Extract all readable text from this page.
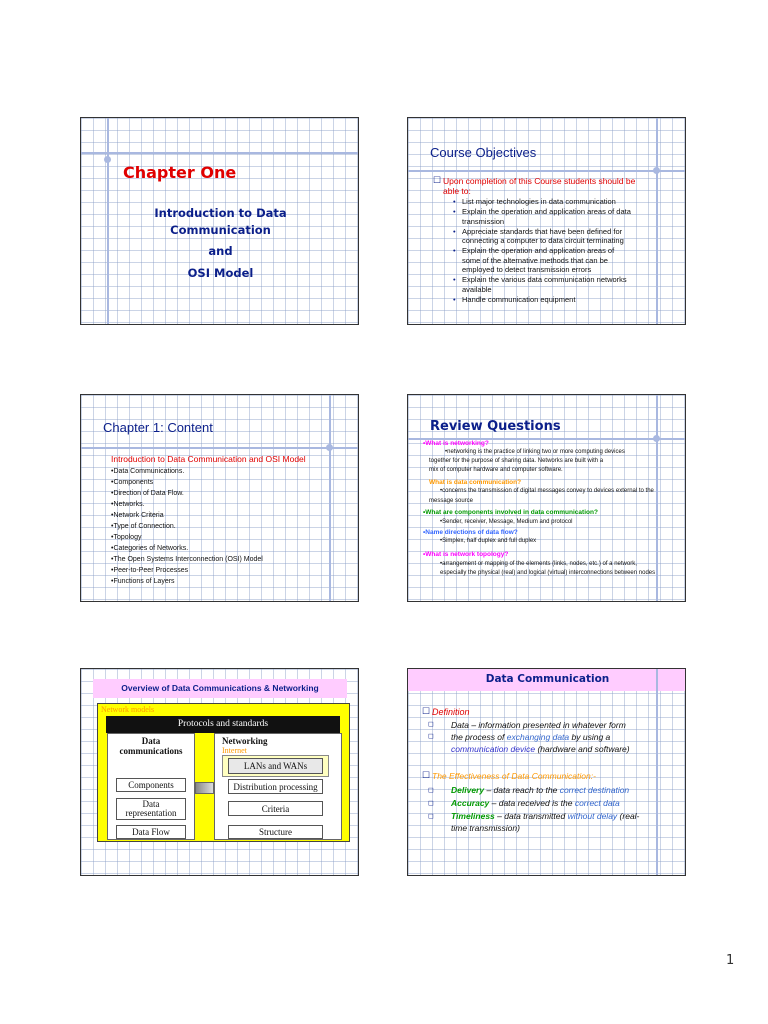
Chapter One
Introduction to Data
Communication
and
OSI Model
Course Objectives
☐ Upon completion of this Course students should be
able to:
• List major technologies in data communication
• Explain the operation and application areas of data
transmission
• Appreciate standards that have been defined for
connecting a computer to data circuit terminating
• Explain the operation and application areas of
some of the alternative methods that can be
employed to detect transmission errors
• Explain the various data communication networks
available
• Handle communication equipment
Chapter 1: Content
Introduction to Data Communication and OSI Model
•Data Communications.
•Components
•Direction of Data Flow.
•Networks.
•Network Criteria
•Type of Connection.
•Topology
•Categories of Networks.
•The Open Systems Interconnection (OSI) Model
•Peer-to-Peer Processes
•Functions of Layers
Review Questions
•What is networking?
•networking is the practice of linking two or more computing devices
together for the purpose of sharing data. Networks are built with a
mix of computer hardware and computer software.
What is data communication?
•concerns the transmission of digital messages convey to devices external to the
message source
•What are components involved in data communication?
•Sender, receiver, Message, Medium and protocol
•Name directions of data flow?
•Simplex, half duplex and full duplex
•What is network topology?
•arrangement or mapping of the elements (links, nodes, etc.) of a network,
especially the physical (real) and logical (virtual) interconnections between nodes
Overview of Data Communications & Networking
Network models
Protocols and standards
Data
communications
Networking
Internet
LANs and WANs
Components
Data
representation
Data Flow
Distribution processing
Criteria
Structure
Data Communication
☐ Definition
◻ Data – information presented in whatever form
◻ the process of exchanging data by using a
communication device (hardware and software)
☐ The Effectiveness of Data Communication:-
◻ Delivery – data reach to the correct destination
◻ Accuracy – data received is the correct data
◻ Timeliness – data transmitted without delay (real-
time transmission)
1
